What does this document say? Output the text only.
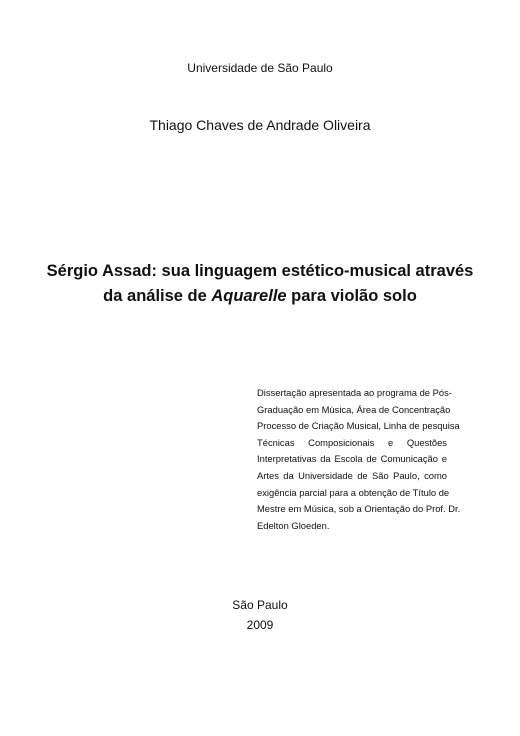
Universidade de São Paulo
Thiago Chaves de Andrade Oliveira
Sérgio Assad: sua linguagem estético-musical através
da análise de Aquarelle para violão solo
Dissertação apresentada ao programa de Pós-
Graduação em Música, Área de Concentração
Processo de Criação Musical, Linha de pesquisa
Técnicas Composicionais e Questões
Interpretativas da Escola de Comunicação e
Artes da Universidade de São Paulo, como
exigência parcial para a obtenção de Título de
Mestre em Música, sob a Orientação do Prof. Dr.
Edelton Gloeden.
São Paulo
2009
